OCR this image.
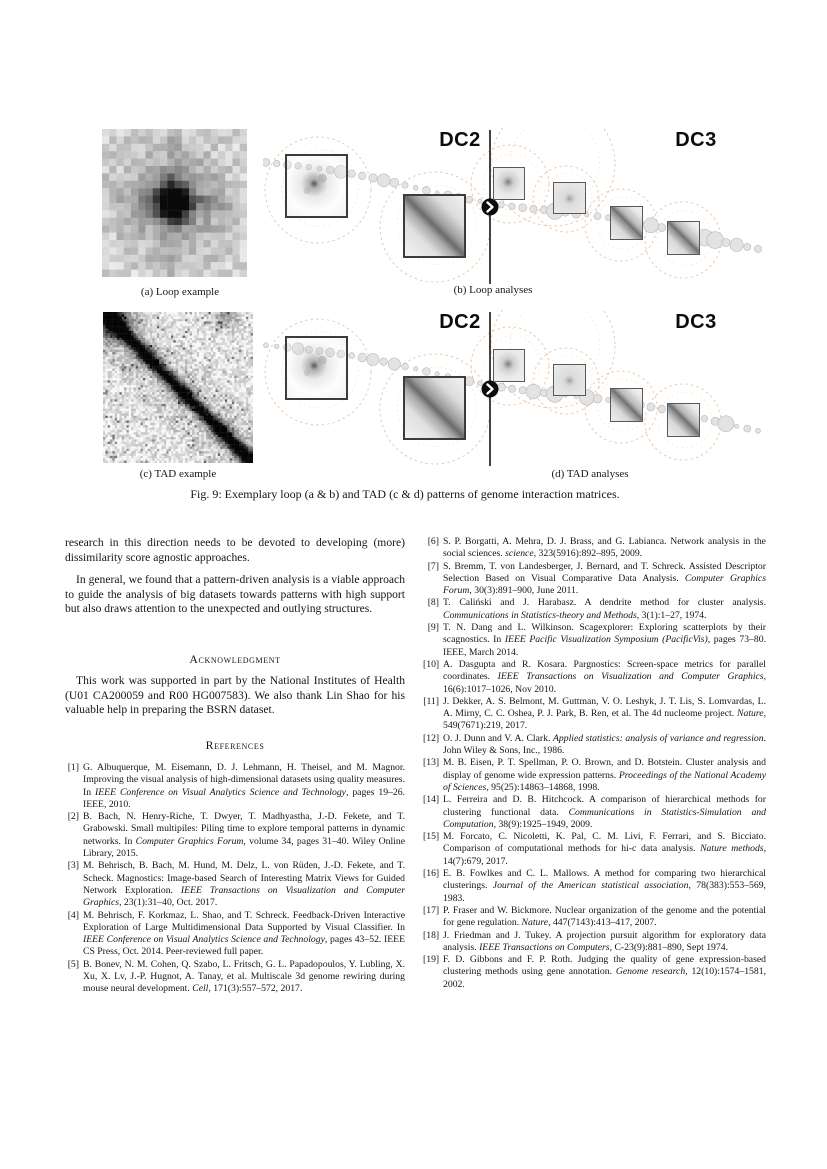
DC2	DC3
DC2	DC3
(a) Loop example	(b) Loop analyses
(c) TAD example	(d) TAD analyses
Fig. 9: Exemplary loop (a & b) and TAD (c & d) patterns of genome interaction matrices.
research in this direction needs to be devoted to developing (more) dissimilarity score agnostic approaches.
In general, we found that a pattern-driven analysis is a viable approach to guide the analysis of big datasets towards patterns with high support but also draws attention to the unexpected and outlying structures.
Acknowledgment
This work was supported in part by the National Institutes of Health (U01 CA200059 and R00 HG007583). We also thank Lin Shao for his valuable help in preparing the BSRN dataset.
References
[1] G. Albuquerque, M. Eisemann, D. J. Lehmann, H. Theisel, and M. Magnor. Improving the visual analysis of high-dimensional datasets using quality measures. In IEEE Conference on Visual Analytics Science and Technology, pages 19–26. IEEE, 2010.
[2] B. Bach, N. Henry-Riche, T. Dwyer, T. Madhyastha, J.-D. Fekete, and T. Grabowski. Small multipiles: Piling time to explore temporal patterns in dynamic networks. In Computer Graphics Forum, volume 34, pages 31–40. Wiley Online Library, 2015.
[3] M. Behrisch, B. Bach, M. Hund, M. Delz, L. von Rüden, J.-D. Fekete, and T. Scheck. Magnostics: Image-based Search of Interesting Matrix Views for Guided Network Exploration. IEEE Transactions on Visualization and Computer Graphics, 23(1):31–40, Oct. 2017.
[4] M. Behrisch, F. Korkmaz, L. Shao, and T. Schreck. Feedback-Driven Interactive Exploration of Large Multidimensional Data Supported by Visual Classifier. In IEEE Conference on Visual Analytics Science and Technology, pages 43–52. IEEE CS Press, Oct. 2014. Peer-reviewed full paper.
[5] B. Bonev, N. M. Cohen, Q. Szabo, L. Fritsch, G. L. Papadopoulos, Y. Lubling, X. Xu, X. Lv, J.-P. Hugnot, A. Tanay, et al. Multiscale 3d genome rewiring during mouse neural development. Cell, 171(3):557–572, 2017.
[6] S. P. Borgatti, A. Mehra, D. J. Brass, and G. Labianca. Network analysis in the social sciences. science, 323(5916):892–895, 2009.
[7] S. Bremm, T. von Landesberger, J. Bernard, and T. Schreck. Assisted Descriptor Selection Based on Visual Comparative Data Analysis. Computer Graphics Forum, 30(3):891–900, June 2011.
[8] T. Caliński and J. Harabasz. A dendrite method for cluster analysis. Communications in Statistics-theory and Methods, 3(1):1–27, 1974.
[9] T. N. Dang and L. Wilkinson. Scagexplorer: Exploring scatterplots by their scagnostics. In IEEE Pacific Visualization Symposium (PacificVis), pages 73–80. IEEE, March 2014.
[10] A. Dasgupta and R. Kosara. Pargnostics: Screen-space metrics for parallel coordinates. IEEE Transactions on Visualization and Computer Graphics, 16(6):1017–1026, Nov 2010.
[11] J. Dekker, A. S. Belmont, M. Guttman, V. O. Leshyk, J. T. Lis, S. Lomvardas, L. A. Mirny, C. C. Oshea, P. J. Park, B. Ren, et al. The 4d nucleome project. Nature, 549(7671):219, 2017.
[12] O. J. Dunn and V. A. Clark. Applied statistics: analysis of variance and regression. John Wiley & Sons, Inc., 1986.
[13] M. B. Eisen, P. T. Spellman, P. O. Brown, and D. Botstein. Cluster analysis and display of genome wide expression patterns. Proceedings of the National Academy of Sciences, 95(25):14863–14868, 1998.
[14] L. Ferreira and D. B. Hitchcock. A comparison of hierarchical methods for clustering functional data. Communications in Statistics-Simulation and Computation, 38(9):1925–1949, 2009.
[15] M. Forcato, C. Nicoletti, K. Pal, C. M. Livi, F. Ferrari, and S. Bicciato. Comparison of computational methods for hi-c data analysis. Nature methods, 14(7):679, 2017.
[16] E. B. Fowlkes and C. L. Mallows. A method for comparing two hierarchical clusterings. Journal of the American statistical association, 78(383):553–569, 1983.
[17] P. Fraser and W. Bickmore. Nuclear organization of the genome and the potential for gene regulation. Nature, 447(7143):413–417, 2007.
[18] J. Friedman and J. Tukey. A projection pursuit algorithm for exploratory data analysis. IEEE Transactions on Computers, C-23(9):881–890, Sept 1974.
[19] F. D. Gibbons and F. P. Roth. Judging the quality of gene expression-based clustering methods using gene annotation. Genome research, 12(10):1574–1581, 2002.
